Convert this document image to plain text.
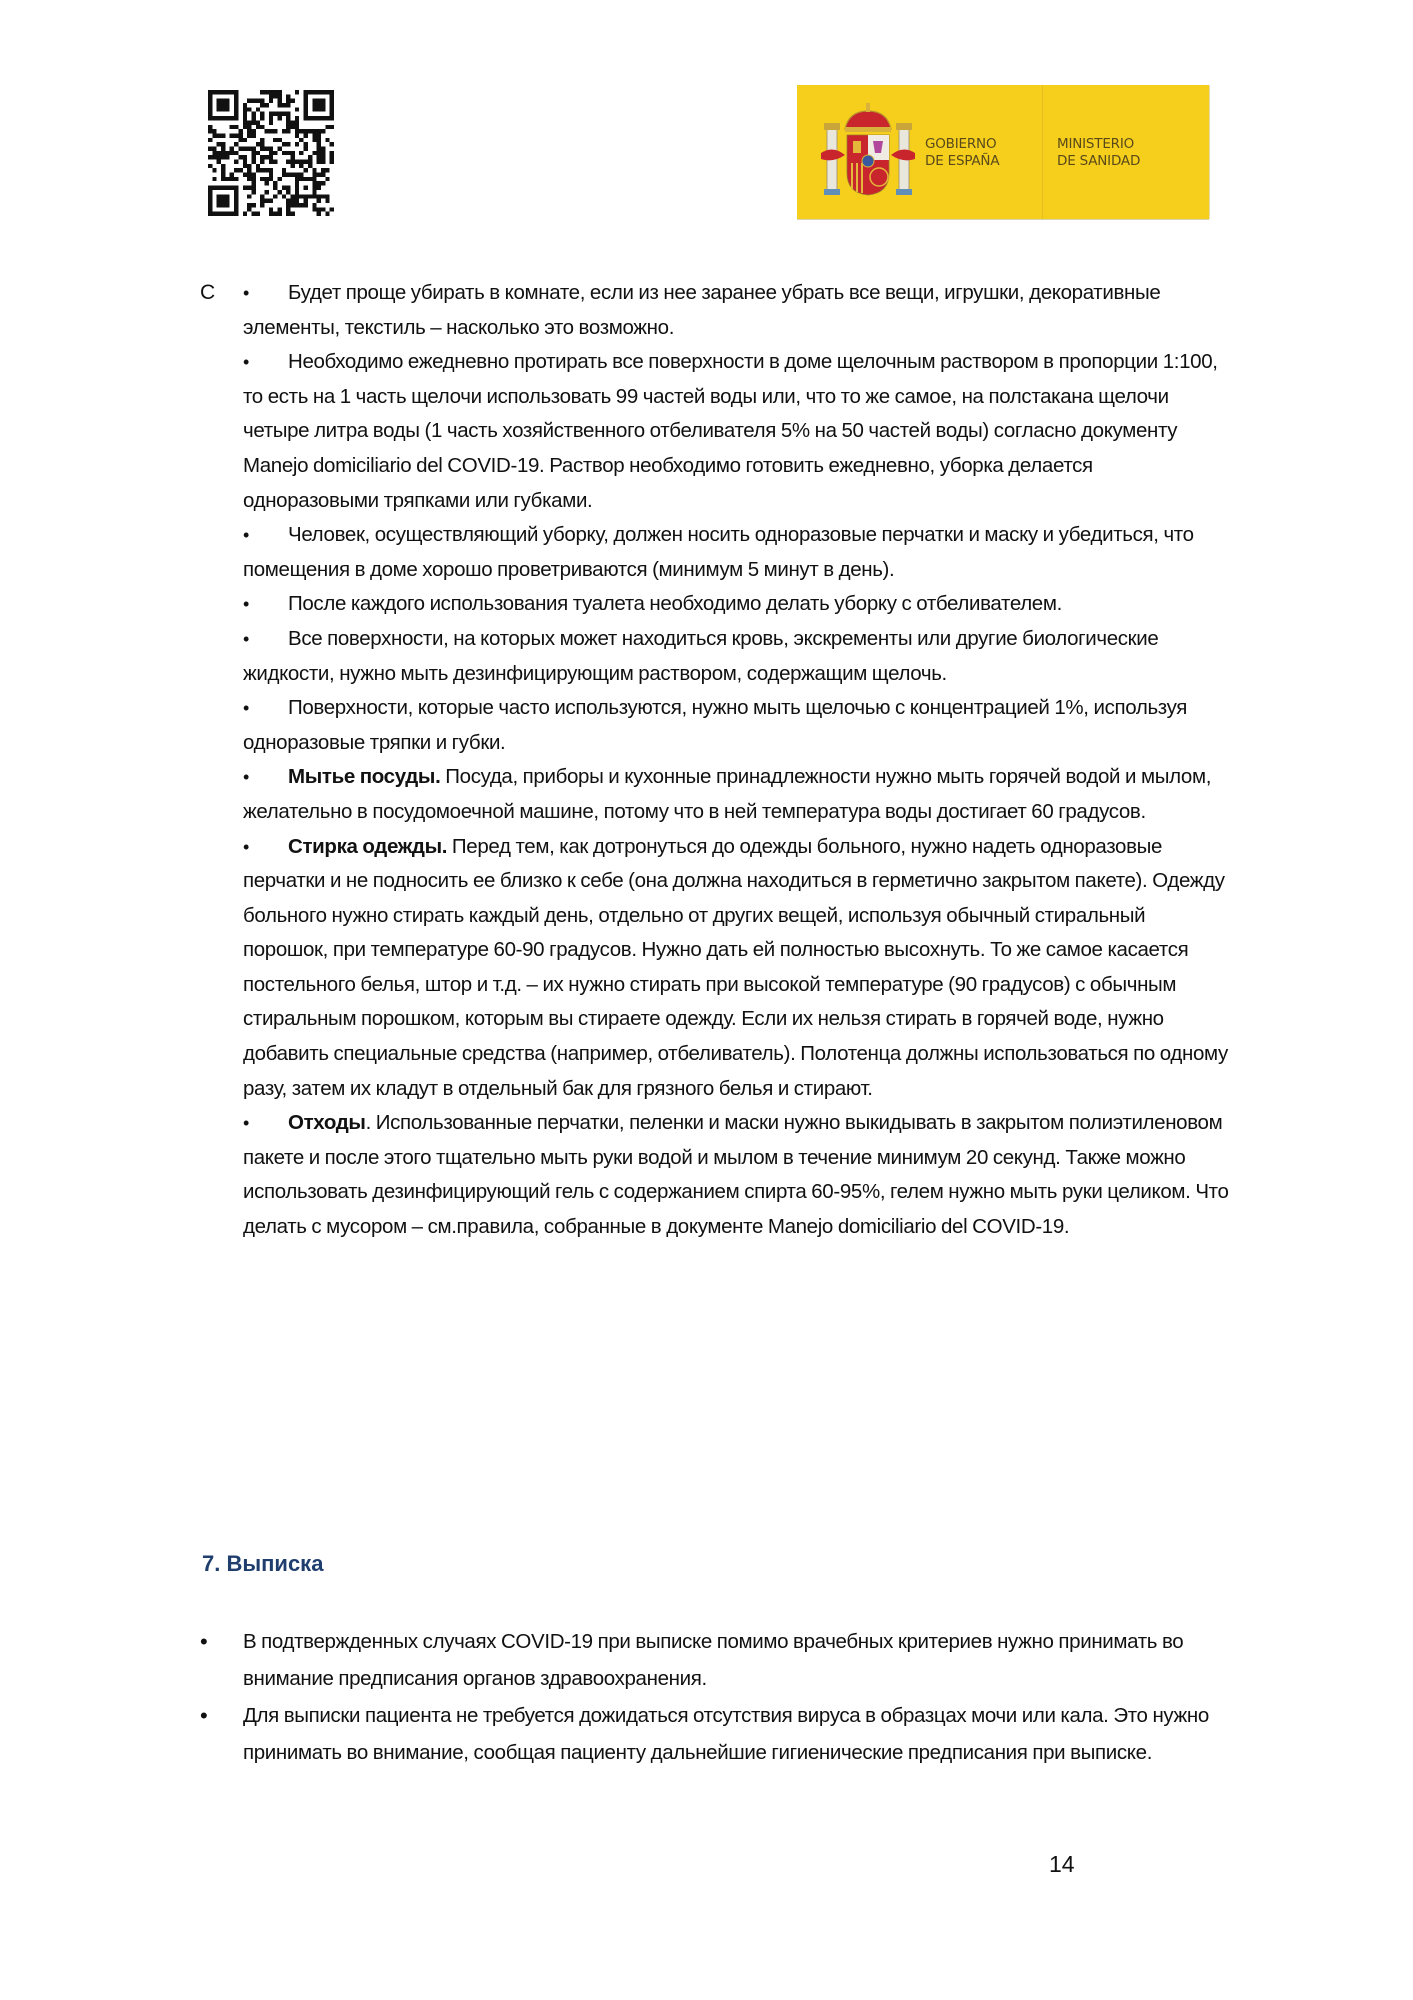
GOBIERNO
DE ESPAÑA
MINISTERIO
DE SANIDAD
C • Будет проще убирать в комнате, если из нее заранее убрать все вещи, игрушки, декоративные элементы, текстиль – насколько это возможно.

• Необходимо ежедневно протирать все поверхности в доме щелочным раствором в пропорции 1:100, то есть на 1 часть щелочи использовать 99 частей воды или, что то же самое, на полстакана щелочи четыре литра воды (1 часть хозяйственного отбеливателя 5% на 50 частей воды) согласно документу Manejo domiciliario del COVID-19. Раствор необходимо готовить ежедневно, уборка делается одноразовыми тряпками или губками.

• Человек, осуществляющий уборку, должен носить одноразовые перчатки и маску и убедиться, что помещения в доме хорошо проветриваются (минимум 5 минут в день).

• После каждого использования туалета необходимо делать уборку с отбеливателем.

• Все поверхности, на которых может находиться кровь, экскременты или другие биологические жидкости, нужно мыть дезинфицирующим раствором, содержащим щелочь.

• Поверхности, которые часто используются, нужно мыть щелочью с концентрацией 1%, используя одноразовые тряпки и губки.

• Мытье посуды. Посуда, приборы и кухонные принадлежности нужно мыть горячей водой и мылом, желательно в посудомоечной машине, потому что в ней температура воды достигает 60 градусов.

• Стирка одежды. Перед тем, как дотронуться до одежды больного, нужно надеть одноразовые перчатки и не подносить ее близко к себе (она должна находиться в герметично закрытом пакете). Одежду больного нужно стирать каждый день, отдельно от других вещей, используя обычный стиральный порошок, при температуре 60-90 градусов. Нужно дать ей полностью высохнуть. То же самое касается постельного белья, штор и т.д. – их нужно стирать при высокой температуре (90 градусов) с обычным стиральным порошком, которым вы стираете одежду. Если их нельзя стирать в горячей воде, нужно добавить специальные средства (например, отбеливатель). Полотенца должны использоваться по одному разу, затем их кладут в отдельный бак для грязного белья и стирают.

• Отходы. Использованные перчатки, пеленки и маски нужно выкидывать в закрытом полиэтиленовом пакете и после этого тщательно мыть руки водой и мылом в течение минимум 20 секунд. Также можно использовать дезинфицирующий гель с содержанием спирта 60-95%, гелем нужно мыть руки целиком. Что делать с мусором – см.правила, собранные в документе Manejo domiciliario del COVID-19.

7. Выписка

• В подтвержденных случаях COVID-19 при выписке помимо врачебных критериев нужно принимать во внимание предписания органов здравоохранения.

• Для выписки пациента не требуется дожидаться отсутствия вируса в образцах мочи или кала. Это нужно принимать во внимание, сообщая пациенту дальнейшие гигиенические предписания при выписке.

14
